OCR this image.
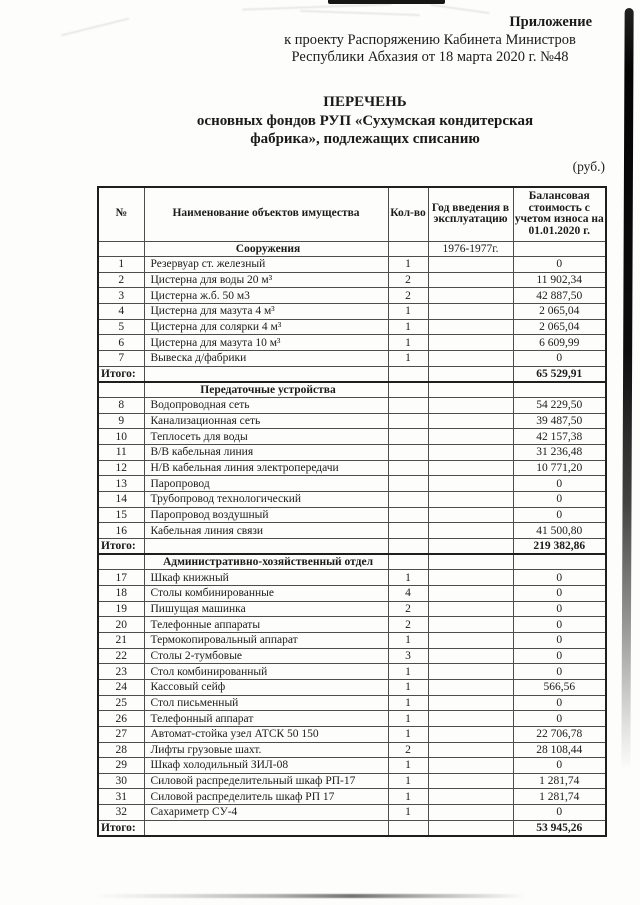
Приложение
к проекту Распоряжению Кабинета Министров
Республики Абхазия от 18 марта 2020 г. №48
ПЕРЕЧЕНЬ
основных фондов РУП «Сухумская кондитерская
фабрика», подлежащих списанию
(руб.)
№	Наименование объектов имущества	Кол-во	Год введения в эксплуатацию	Балансовая стоимость с учетом износа на 01.01.2020 г.
	Сооружения		1976-1977г.	
1	Резервуар ст. железный	1		0
2	Цистерна для воды 20 м³	2		11 902,34
3	Цистерна ж.б. 50 м3	2		42 887,50
4	Цистерна для мазута 4 м³	1		2 065,04
5	Цистерна для солярки 4 м³	1		2 065,04
6	Цистерна для мазута 10 м³	1		6 609,99
7	Вывеска д/фабрики	1		0
Итого:				65 529,91
	Передаточные устройства			
8	Водопроводная сеть			54 229,50
9	Канализационная сеть			39 487,50
10	Теплосеть для воды			42 157,38
11	В/В кабельная линия			31 236,48
12	Н/В кабельная линия электропередачи			10 771,20
13	Паропровод			0
14	Трубопровод технологический			0
15	Паропровод воздушный			0
16	Кабельная линия связи			41 500,80
Итого:				219 382,86
	Административно-хозяйственный отдел			
17	Шкаф книжный	1		0
18	Столы комбинированные	4		0
19	Пишущая машинка	2		0
20	Телефонные аппараты	2		0
21	Термокопировальный аппарат	1		0
22	Столы 2-тумбовые	3		0
23	Стол комбинированный	1		0
24	Кассовый сейф	1		566,56
25	Стол письменный	1		0
26	Телефонный аппарат	1		0
27	Автомат-стойка узел АТСК 50 150	1		22 706,78
28	Лифты грузовые шахт.	2		28 108,44
29	Шкаф холодильный ЗИЛ-08	1		0
30	Силовой распределительный шкаф РП-17	1		1 281,74
31	Силовой распределитель шкаф РП 17	1		1 281,74
32	Сахариметр СУ-4	1		0
Итого:				53 945,26
